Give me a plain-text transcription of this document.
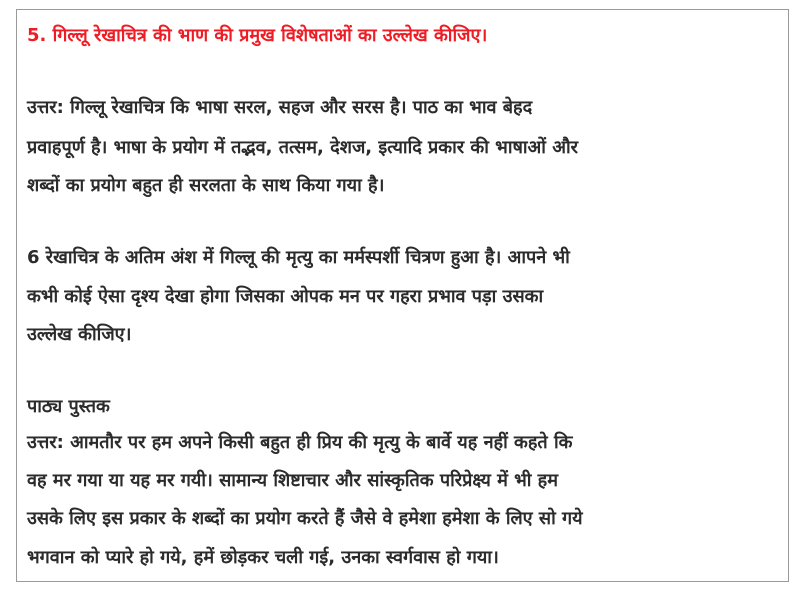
5. गिल्लू रेखाचित्र की भाण की प्रमुख विशेषताओं का उल्लेख कीजिए।
उत्तर: गिल्लू रेखाचित्र कि भाषा सरल, सहज और सरस है। पाठ का भाव बेहद
प्रवाहपूर्ण है। भाषा के प्रयोग में तद्भव, तत्सम, देशज, इत्यादि प्रकार की भाषाओं और
शब्दों का प्रयोग बहुत ही सरलता के साथ किया गया है।
6 रेखाचित्र के अतिम अंश में गिल्लू की मृत्यु का मर्मस्पर्शी चित्रण हुआ है। आपने भी
कभी कोई ऐसा दृश्य देखा होगा जिसका ओपक मन पर गहरा प्रभाव पड़ा उसका
उल्लेख कीजिए।
पाठ्य पुस्तक
उत्तर: आमतौर पर हम अपने किसी बहुत ही प्रिय की मृत्यु के बार्वे यह नहीं कहते कि
वह मर गया या यह मर गयी। सामान्य शिष्टाचार और सांस्कृतिक परिप्रेक्ष्य में भी हम
उसके लिए इस प्रकार के शब्दों का प्रयोग करते हैं जैसे वे हमेशा हमेशा के लिए सो गये
भगवान को प्यारे हो गये, हमें छोड़कर चली गई, उनका स्वर्गवास हो गया।
